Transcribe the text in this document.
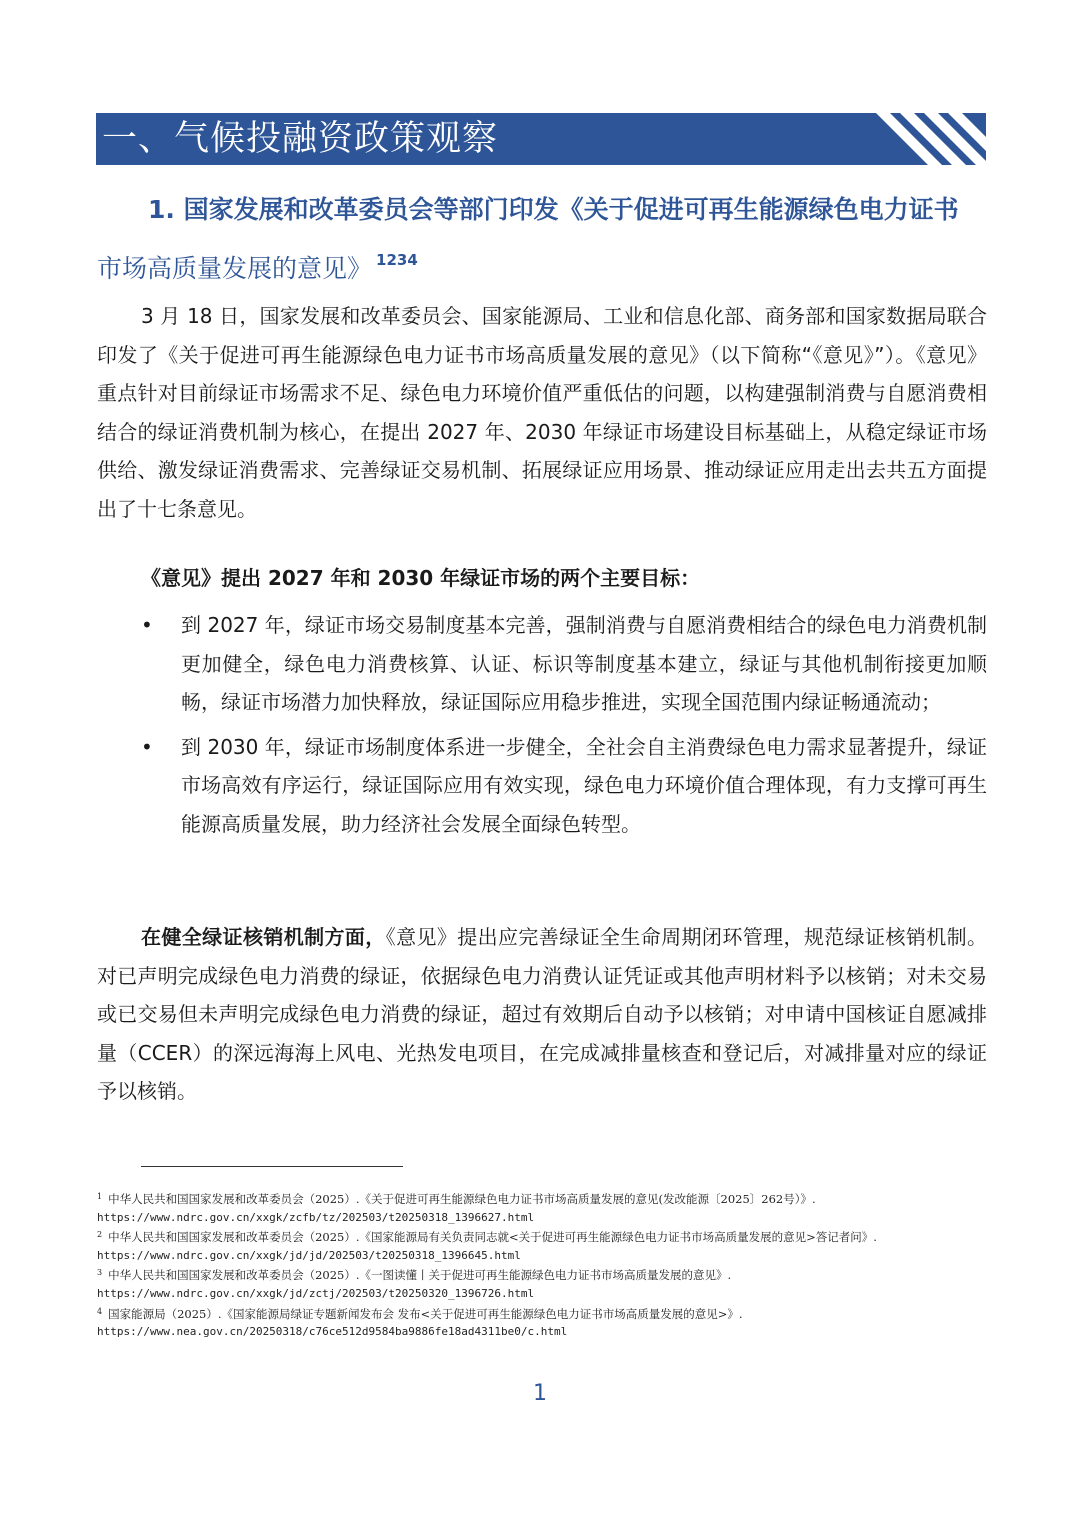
一、气候投融资政策观察
1. 国家发展和改革委员会等部门印发《关于促进可再生能源绿色电力证书
市场高质量发展的意见》 $^{1234}$

3 月 18 日，国家发展和改革委员会、国家能源局、工业和信息化部、商务部和国家数据局联合印发了《关于促进可再生能源绿色电力证书市场高质量发展的意见》（以下简称“《意见》”）。《意见》重点针对目前绿证市场需求不足、绿色电力环境价值严重低估的问题，以构建强制消费与自愿消费相结合的绿证消费机制为核心，在提出 2027 年、2030 年绿证市场建设目标基础上，从稳定绿证市场供给、激发绿证消费需求、完善绿证交易机制、拓展绿证应用场景、推动绿证应用走出去共五方面提出了十七条意见。

《意见》提出 2027 年和 2030 年绿证市场的两个主要目标：

• 到 2027 年，绿证市场交易制度基本完善，强制消费与自愿消费相结合的绿色电力消费机制更加健全，绿色电力消费核算、认证、标识等制度基本建立，绿证与其他机制衔接更加顺畅，绿证市场潜力加快释放，绿证国际应用稳步推进，实现全国范围内绿证畅通流动；
• 到 2030 年，绿证市场制度体系进一步健全，全社会自主消费绿色电力需求显著提升，绿证市场高效有序运行，绿证国际应用有效实现，绿色电力环境价值合理体现，有力支撑可再生能源高质量发展，助力经济社会发展全面绿色转型。

在健全绿证核销机制方面，《意见》提出应完善绿证全生命周期闭环管理，规范绿证核销机制。对已声明完成绿色电力消费的绿证，依据绿色电力消费认证凭证或其他声明材料予以核销；对未交易或已交易但未声明完成绿色电力消费的绿证，超过有效期后自动予以核销；对申请中国核证自愿减排量（CCER）的深远海海上风电、光热发电项目，在完成减排量核查和登记后，对减排量对应的绿证予以核销。

$^1$ 中华人民共和国国家发展和改革委员会（2025）.《关于促进可再生能源绿色电力证书市场高质量发展的意见(发改能源〔2025〕262号）》.
https://www.ndrc.gov.cn/xxgk/zcfb/tz/202503/t20250318_1396627.html
$^2$ 中华人民共和国国家发展和改革委员会（2025）.《国家能源局有关负责同志就<关于促进可再生能源绿色电力证书市场高质量发展的意见>答记者问》.
https://www.ndrc.gov.cn/xxgk/jd/jd/202503/t20250318_1396645.html
$^3$ 中华人民共和国国家发展和改革委员会（2025）.《一图读懂丨关于促进可再生能源绿色电力证书市场高质量发展的意见》.
https://www.ndrc.gov.cn/xxgk/jd/zctj/202503/t20250320_1396726.html
$^4$ 国家能源局（2025）.《国家能源局绿证专题新闻发布会 发布<关于促进可再生能源绿色电力证书市场高质量发展的意见>》.
https://www.nea.gov.cn/20250318/c76ce512d9584ba9886fe18ad4311be0/c.html
1
